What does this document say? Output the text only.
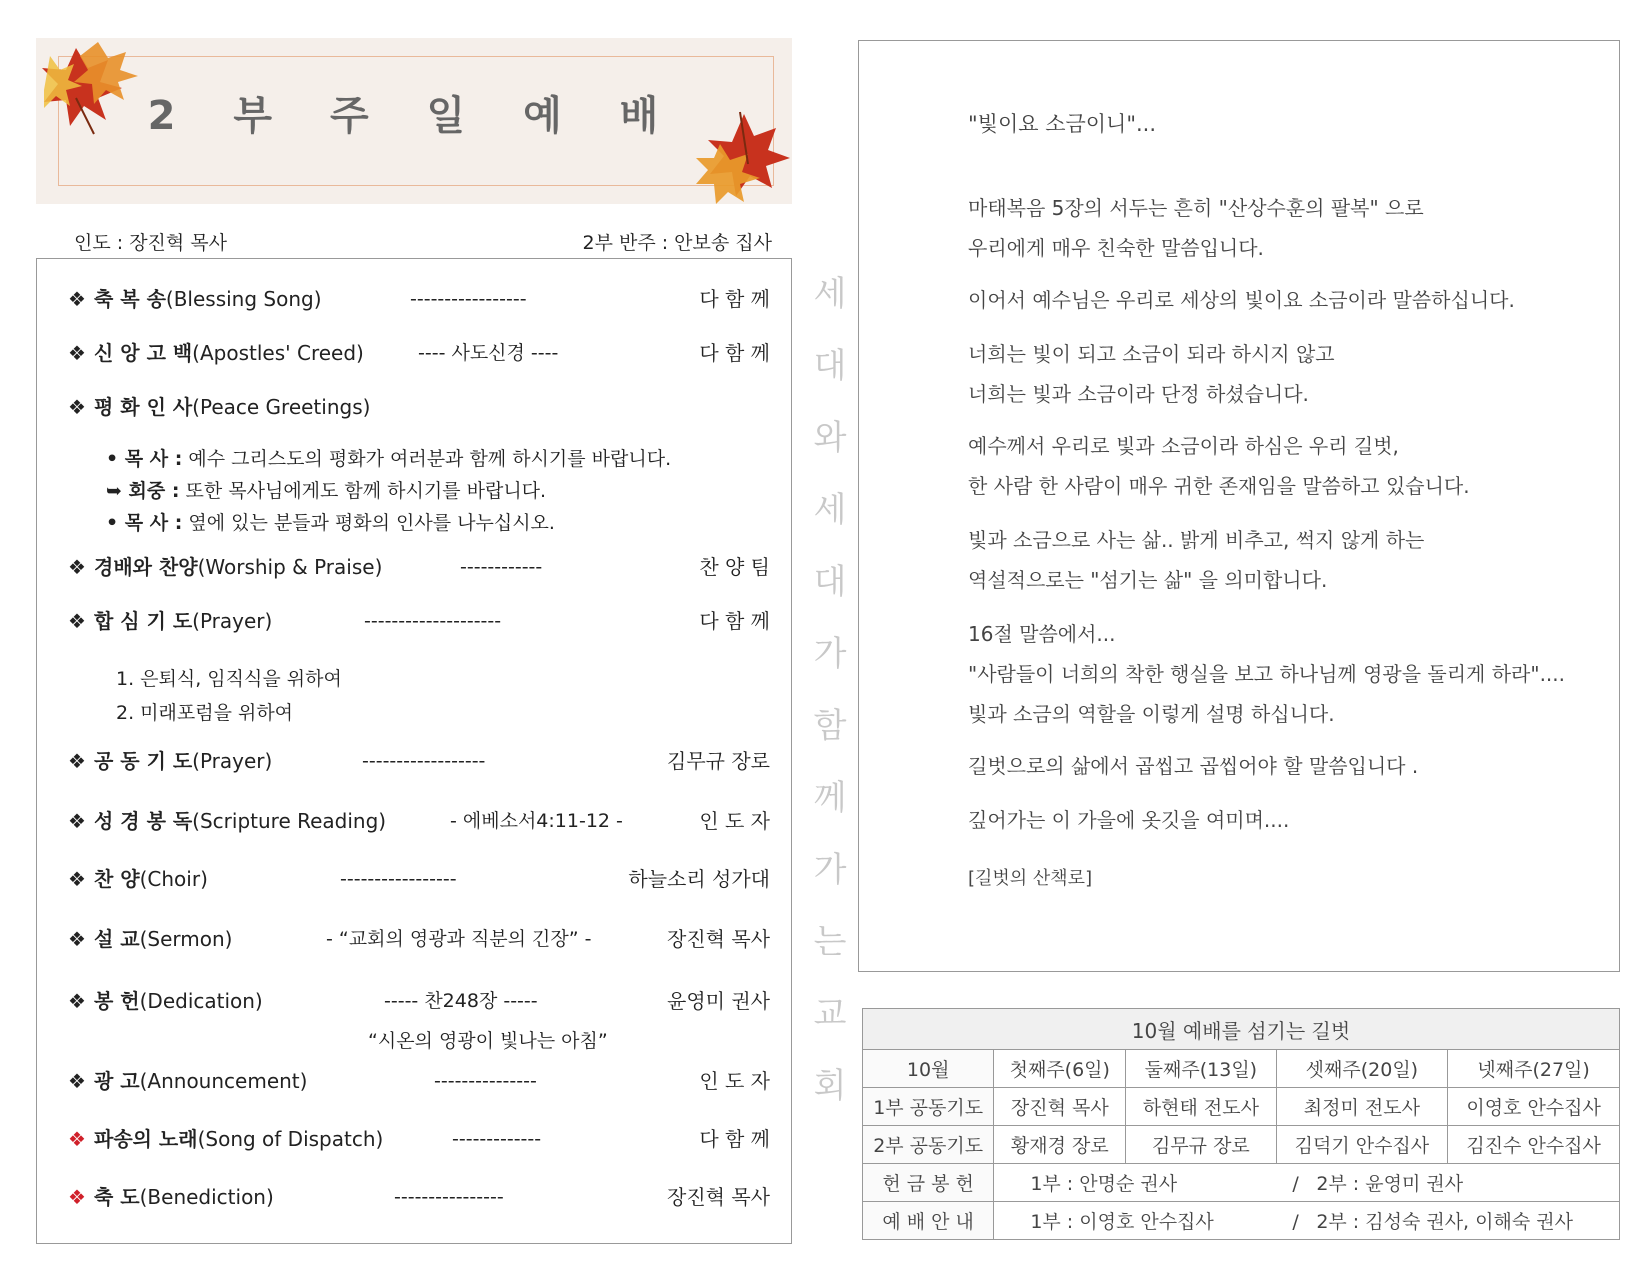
2 부 주 일 예 배
인도 : 장진혁 목사	2부 반주 : 안보송 집사
❖ 축 복 송(Blessing Song)	-----------------	다 함 께
❖ 신 앙 고 백(Apostles' Creed)	---- 사도신경 ----	다 함 께
❖ 평 화 인 사(Peace Greetings)
• 목 사 : 예수 그리스도의 평화가 여러분과 함께 하시기를 바랍니다.
➥ 회중 : 또한 목사님에게도 함께 하시기를 바랍니다.
• 목 사 : 옆에 있는 분들과 평화의 인사를 나누십시오.
❖ 경배와 찬양(Worship & Praise)	------------	찬 양 팀
❖ 합 심 기 도(Prayer)	--------------------	다 함 께
1. 은퇴식, 임직식을 위하여
2. 미래포럼을 위하여
❖ 공 동 기 도(Prayer)	------------------	김무규 장로
❖ 성 경 봉 독(Scripture Reading)	- 에베소서4:11-12 -	인 도 자
❖ 찬 양(Choir)	-----------------	하늘소리 성가대
❖ 설 교(Sermon)	- “교회의 영광과 직분의 긴장” -	장진혁 목사
❖ 봉 헌(Dedication)	----- 찬248장 -----	윤영미 권사
“시온의 영광이 빛나는 아침”
❖ 광 고(Announcement)	---------------	인 도 자
❖ 파송의 노래(Song of Dispatch)	-------------	다 함 께
❖ 축 도(Benediction)	----------------	장진혁 목사
세
대
와
세
대
가
함
께
가
는
교
회
"빛이요 소금이니"...
마태복음 5장의 서두는 흔히 "산상수훈의 팔복" 으로
우리에게 매우 친숙한 말씀입니다.
이어서 예수님은 우리로 세상의 빛이요 소금이라 말씀하십니다.
너희는 빛이 되고 소금이 되라 하시지 않고
너희는 빛과 소금이라 단정 하셨습니다.
예수께서 우리로 빛과 소금이라 하심은 우리 길벗,
한 사람 한 사람이 매우 귀한 존재임을 말씀하고 있습니다.
빛과 소금으로 사는 삶.. 밝게 비추고, 썩지 않게 하는
역설적으로는 "섬기는 삶" 을 의미합니다.
16절 말씀에서...
"사람들이 너희의 착한 행실을 보고 하나님께 영광을 돌리게 하라"....
빛과 소금의 역할을 이렇게 설명 하십니다.
길벗으로의 삶에서 곱씹고 곱씹어야 할 말씀입니다 .
깊어가는 이 가을에 옷깃을 여미며....
[길벗의 산책로]
10월 예배를 섬기는 길벗				
10월	첫째주(6일)	둘째주(13일)	셋째주(20일)	넷째주(27일)
1부 공동기도	장진혁 목사	하현태 전도사	최정미 전도사	이영호 안수집사
2부 공동기도	황재경 장로	김무규 장로	김덕기 안수집사	김진수 안수집사
헌 금 봉 헌	1부 : 안명순 권사 / 2부 : 윤영미 권사			
예 배 안 내	1부 : 이영호 안수집사 / 2부 : 김성숙 권사, 이해숙 권사			
